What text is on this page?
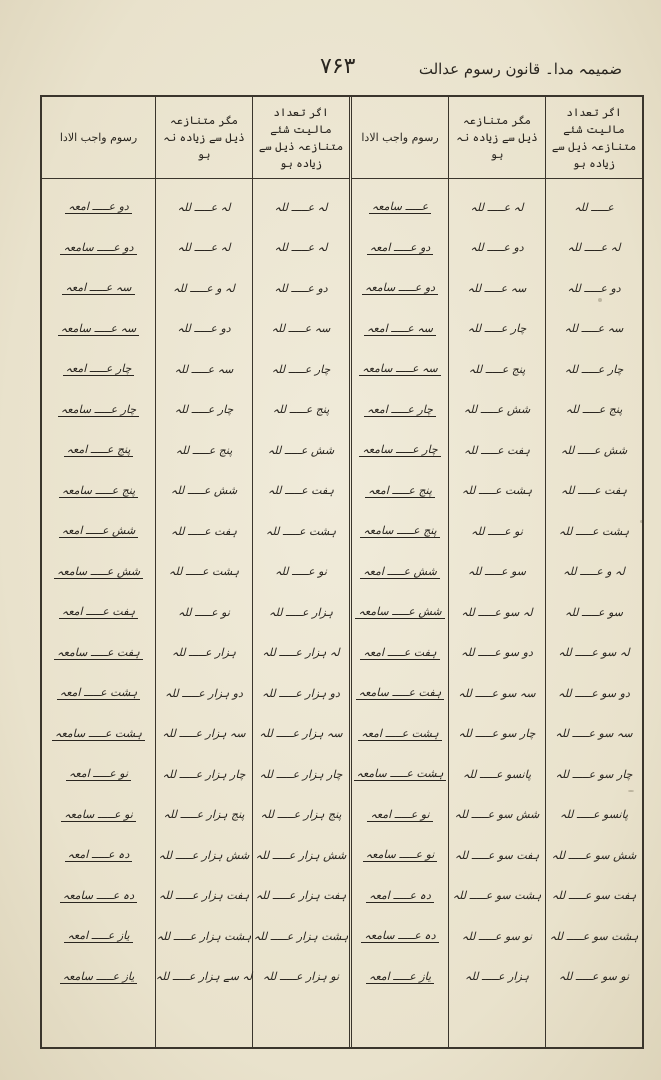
۷۶۳	ضمیمہ مدا۔ قانون رسوم عدالت
اگر تعداد مالیت شئے متنازعہ ذیل سے زیادہ ہو
عـــــ للہ
لہ عـــــ للہ
دو عـــــ للہ
سہ عـــــ للہ
چار عـــــ للہ
پنج عـــــ للہ
شش عـــــ للہ
ہفت عـــــ للہ
ہشت عـــــ للہ
لہ و عـــــ للہ
سو عـــــ للہ
لہ سو عـــــ للہ
دو سو عـــــ للہ
سہ سو عـــــ للہ
چار سو عـــــ للہ
پانسو عـــــ للہ
شش سو عـــــ للہ
ہفت سو عـــــ للہ
ہشت سو عـــــ للہ
نو سو عـــــ للہ
مگر متنازعہ ذیل سے زیادہ نہ ہو
لہ عـــــ للہ
دو عـــــ للہ
سہ عـــــ للہ
چار عـــــ للہ
پنج عـــــ للہ
شش عـــــ للہ
ہفت عـــــ للہ
ہشت عـــــ للہ
نو عـــــ للہ
سو عـــــ للہ
لہ سو عـــــ للہ
دو سو عـــــ للہ
سہ سو عـــــ للہ
چار سو عـــــ للہ
پانسو عـــــ للہ
شش سو عـــــ للہ
ہفت سو عـــــ للہ
ہشت سو عـــــ للہ
نو سو عـــــ للہ
ہزار عـــــ للہ
رسوم واجب الادا
عـــــ سامعہ
دو عـــــ امعہ
دو عـــــ سامعہ
سہ عـــــ امعہ
سہ عـــــ سامعہ
چار عـــــ امعہ
چار عـــــ سامعہ
پنج عـــــ امعہ
پنج عـــــ سامعہ
شش عـــــ امعہ
شش عـــــ سامعہ
ہفت عـــــ امعہ
ہفت عـــــ سامعہ
ہشت عـــــ امعہ
ہشت عـــــ سامعہ
نو عـــــ امعہ
نو عـــــ سامعہ
دہ عـــــ امعہ
دہ عـــــ سامعہ
یاز عـــــ امعہ
اگر تعداد مالیت شئے متنازعہ ذیل سے زیادہ ہو
لہ عـــــ للہ
لہ عـــــ للہ
دو عـــــ للہ
سہ عـــــ للہ
چار عـــــ للہ
پنج عـــــ للہ
شش عـــــ للہ
ہفت عـــــ للہ
ہشت عـــــ للہ
نو عـــــ للہ
ہزار عـــــ للہ
لہ ہزار عـــــ للہ
دو ہزار عـــــ للہ
سہ ہزار عـــــ للہ
چار ہزار عـــــ للہ
پنج ہزار عـــــ للہ
شش ہزار عـــــ للہ
ہفت ہزار عـــــ للہ
ہشت ہزار عـــــ للہ
نو ہزار عـــــ للہ
مگر متنازعہ ذیل سے زیادہ نہ ہو
لہ عـــــ للہ
لہ عـــــ للہ
لہ و عـــــ للہ
دو عـــــ للہ
سہ عـــــ للہ
چار عـــــ للہ
پنج عـــــ للہ
شش عـــــ للہ
ہفت عـــــ للہ
ہشت عـــــ للہ
نو عـــــ للہ
ہزار عـــــ للہ
دو ہزار عـــــ للہ
سہ ہزار عـــــ للہ
چار ہزار عـــــ للہ
پنج ہزار عـــــ للہ
شش ہزار عـــــ للہ
ہفت ہزار عـــــ للہ
ہشت ہزار عـــــ للہ
لہ سے ہزار عـــــ للہ
رسوم واجب الادا
دو عـــــ امعہ
دو عـــــ سامعہ
سہ عـــــ امعہ
سہ عـــــ سامعہ
چار عـــــ امعہ
چار عـــــ سامعہ
پنج عـــــ امعہ
پنج عـــــ سامعہ
شش عـــــ امعہ
شش عـــــ سامعہ
ہفت عـــــ امعہ
ہفت عـــــ سامعہ
ہشت عـــــ امعہ
ہشت عـــــ سامعہ
نو عـــــ امعہ
نو عـــــ سامعہ
دہ عـــــ امعہ
دہ عـــــ سامعہ
یاز عـــــ امعہ
یاز عـــــ سامعہ
